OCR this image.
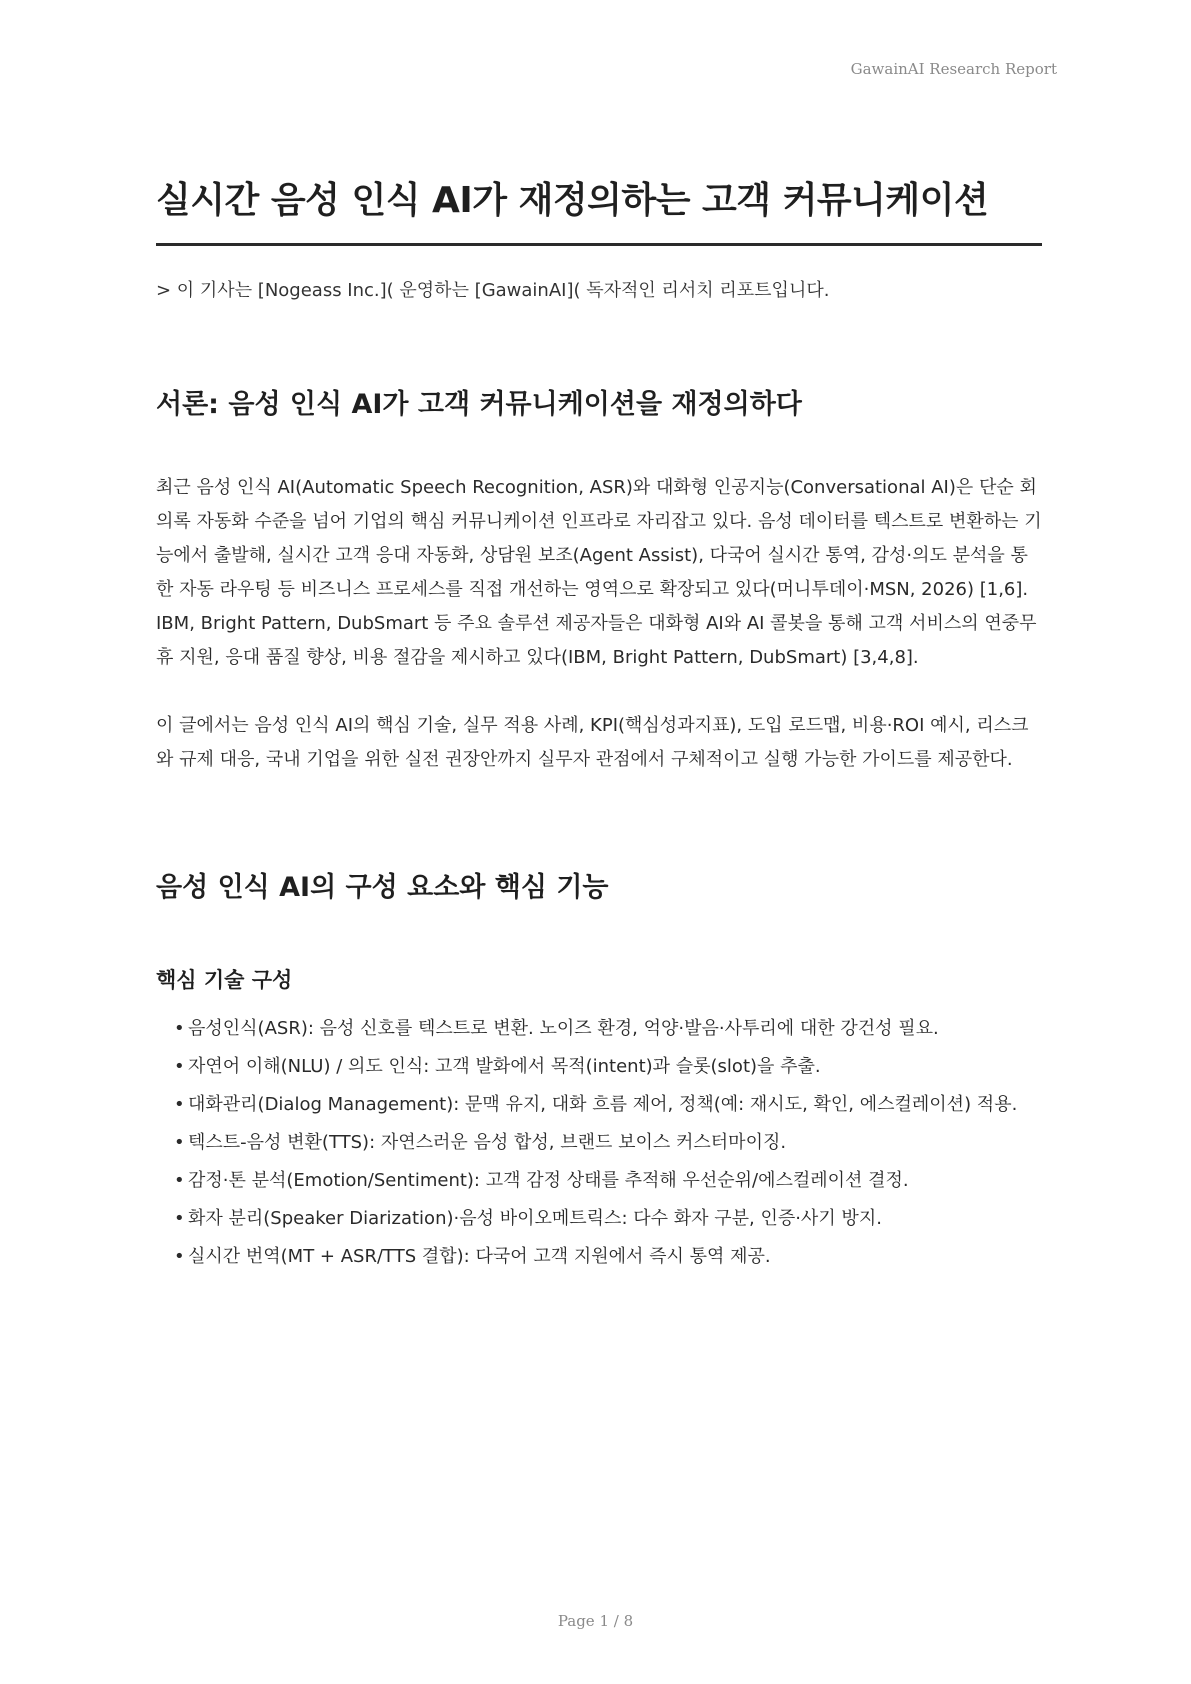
GawainAI Research Report
실시간 음성 인식 AI가 재정의하는 고객 커뮤니케이션

> 이 기사는 [Nogeass Inc.]( 운영하는 [GawainAI]( 독자적인 리서치 리포트입니다.

서론: 음성 인식 AI가 고객 커뮤니케이션을 재정의하다

최근 음성 인식 AI(Automatic Speech Recognition, ASR)와 대화형 인공지능(Conversational AI)은 단순 회의록 자동화 수준을 넘어 기업의 핵심 커뮤니케이션 인프라로 자리잡고 있다. 음성 데이터를 텍스트로 변환하는 기능에서 출발해, 실시간 고객 응대 자동화, 상담원 보조(Agent Assist), 다국어 실시간 통역, 감성·의도 분석을 통한 자동 라우팅 등 비즈니스 프로세스를 직접 개선하는 영역으로 확장되고 있다(머니투데이·MSN, 2026) [1,6]. IBM, Bright Pattern, DubSmart 등 주요 솔루션 제공자들은 대화형 AI와 AI 콜봇을 통해 고객 서비스의 연중무휴 지원, 응대 품질 향상, 비용 절감을 제시하고 있다(IBM, Bright Pattern, DubSmart) [3,4,8].

이 글에서는 음성 인식 AI의 핵심 기술, 실무 적용 사례, KPI(핵심성과지표), 도입 로드맵, 비용·ROI 예시, 리스크와 규제 대응, 국내 기업을 위한 실전 권장안까지 실무자 관점에서 구체적이고 실행 가능한 가이드를 제공한다.

음성 인식 AI의 구성 요소와 핵심 기능
핵심 기술 구성
• 음성인식(ASR): 음성 신호를 텍스트로 변환. 노이즈 환경, 억양·발음·사투리에 대한 강건성 필요.
• 자연어 이해(NLU) / 의도 인식: 고객 발화에서 목적(intent)과 슬롯(slot)을 추출.
• 대화관리(Dialog Management): 문맥 유지, 대화 흐름 제어, 정책(예: 재시도, 확인, 에스컬레이션) 적용.
• 텍스트-음성 변환(TTS): 자연스러운 음성 합성, 브랜드 보이스 커스터마이징.
• 감정·톤 분석(Emotion/Sentiment): 고객 감정 상태를 추적해 우선순위/에스컬레이션 결정.
• 화자 분리(Speaker Diarization)·음성 바이오메트릭스: 다수 화자 구분, 인증·사기 방지.
• 실시간 번역(MT + ASR/TTS 결합): 다국어 고객 지원에서 즉시 통역 제공.
Page 1 / 8
